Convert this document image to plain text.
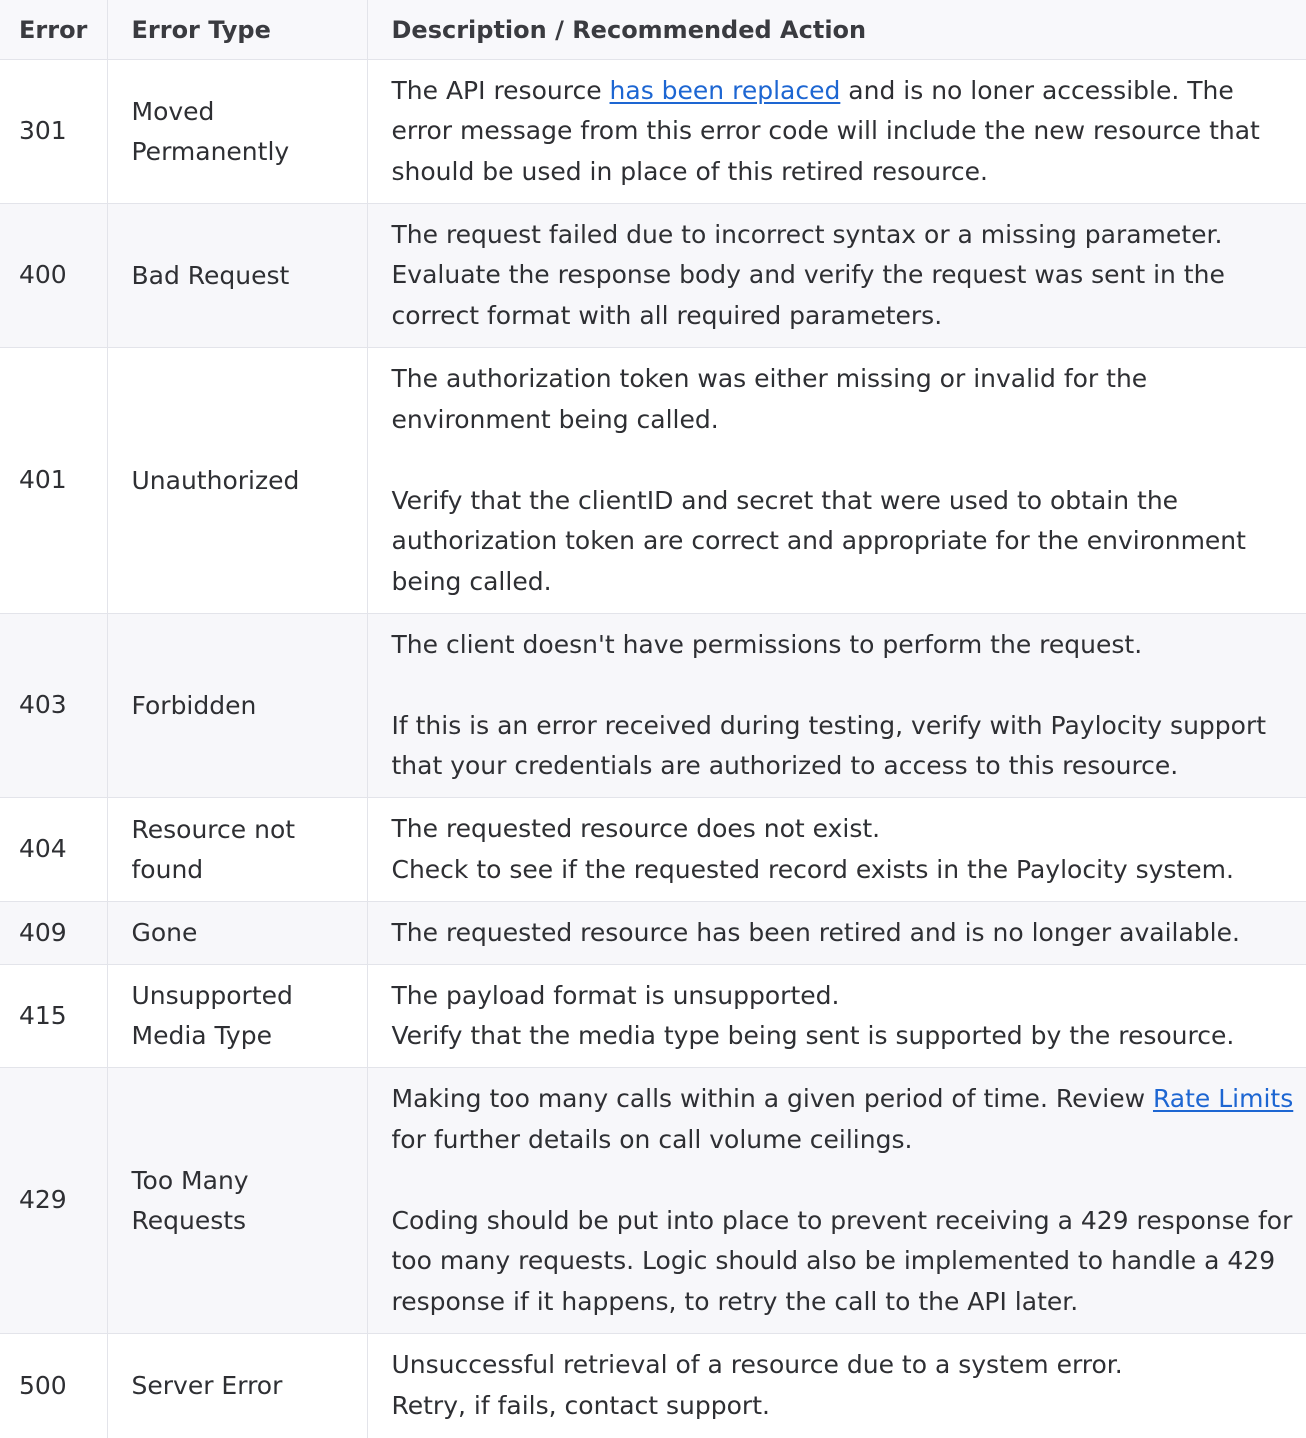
Error	Error Type	Description / Recommended Action
301	Moved Permanently	The API resource has been replaced and is no loner accessible. The error message from this error code will include the new resource that should be used in place of this retired resource.
400	Bad Request	The request failed due to incorrect syntax or a missing parameter. Evaluate the response body and verify the request was sent in the correct format with all required parameters.
401	Unauthorized	The authorization token was either missing or invalid for the environment being called.
Verify that the clientID and secret that were used to obtain the authorization token are correct and appropriate for the environment being called.

403	Forbidden	The client doesn't have permissions to perform the request.
If this is an error received during testing, verify with Paylocity support that your credentials are authorized to access to this resource.

404	Resource not found	The requested resource does not exist.
Check to see if the requested record exists in the Paylocity system.

409	Gone	The requested resource has been retired and is no longer available.
415	Unsupported Media Type	The payload format is unsupported.
Verify that the media type being sent is supported by the resource.

429	Too Many Requests	Making too many calls within a given period of time. Review Rate Limits for further details on call volume ceilings.
Coding should be put into place to prevent receiving a 429 response for too many requests. Logic should also be implemented to handle a 429 response if it happens, to retry the call to the API later.

500	Server Error	Unsuccessful retrieval of a resource due to a system error.
Retry, if fails, contact support.
